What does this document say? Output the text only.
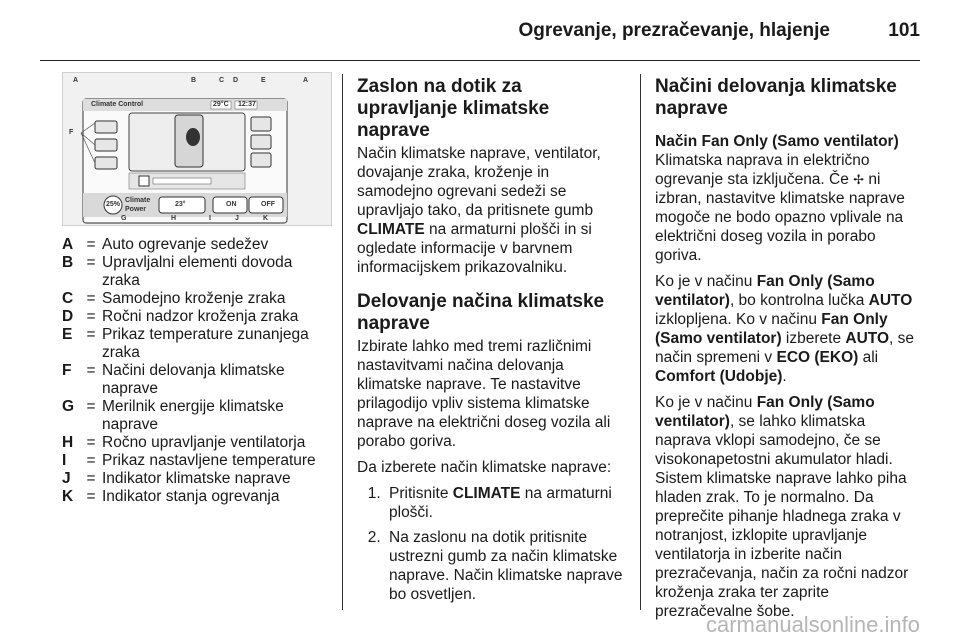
Ogrevanje, prezračevanje, hlajenje	101
Climate Control	29°C 12:37
25%
Climate
Power
23°	ON	OFF
A	B	C D	E	A
F
G	H	I	J	K
A = Auto ogrevanje sedežev
B = Upravljalni elementi dovoda zraka
C = Samodejno kroženje zraka
D = Ročni nadzor kroženja zraka
E = Prikaz temperature zunanjega zraka
F = Načini delovanja klimatske naprave
G = Merilnik energije klimatske naprave
H = Ročno upravljanje ventilatorja
I	= Prikaz nastavljene temperature
J	= Indikator klimatske naprave
K = Indikator stanja ogrevanja
Zaslon na dotik za upravljanje klimatske naprave

Način klimatske naprave, ventilator, dovajanje zraka, kroženje in samodejno ogrevani sedeži se upravljajo tako, da pritisnete gumb CLIMATE na armaturni plošči in si ogledate informacije v barvnem informacijskem prikazovalniku.

Delovanje načina klimatske naprave

Izbirate lahko med tremi različnimi nastavitvami načina delovanja klimatske naprave. Te nastavitve prilagodijo vpliv sistema klimatske naprave na električni doseg vozila ali porabo goriva.

Da izberete način klimatske naprave:

1. Pritisnite CLIMATE na armaturni plošči.
2. Na zaslonu na dotik pritisnite ustrezni gumb za način klimatske naprave. Način klimatske naprave bo osvetljen.
Načini delovanja klimatske naprave
Način Fan Only (Samo ventilator)

Klimatska naprava in električno ogrevanje sta izključena. Če ✢ ni izbran, nastavitve klimatske naprave mogoče ne bodo opazno vplivale na električni doseg vozila in porabo goriva.

Ko je v načinu Fan Only (Samo ventilator), bo kontrolna lučka AUTO izklopljena. Ko v načinu Fan Only (Samo ventilator) izberete AUTO, se način spremeni v ECO (EKO) ali Comfort (Udobje).

Ko je v načinu Fan Only (Samo ventilator), se lahko klimatska naprava vklopi samodejno, če se visokonapetostni akumulator hladi. Sistem klimatske naprave lahko piha hladen zrak. To je normalno. Da preprečite pihanje hladnega zraka v notranjost, izklopite upravljanje ventilatorja in izberite način prezračevanja, način za ročni nadzor kroženja zraka ter zaprite prezračevalne šobe.

carmanualsonline.info
